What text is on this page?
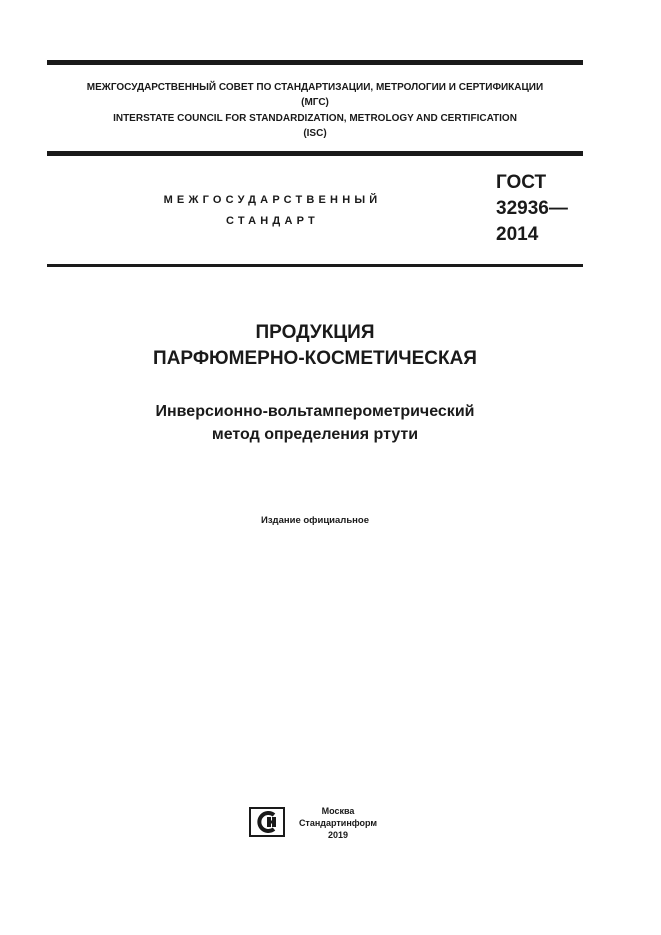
МЕЖГОСУДАРСТВЕННЫЙ СОВЕТ ПО СТАНДАРТИЗАЦИИ, МЕТРОЛОГИИ И СЕРТИФИКАЦИИ
(МГС)
INTERSTATE COUNCIL FOR STANDARDIZATION, METROLOGY AND CERTIFICATION
(ISC)
МЕЖГОСУДАРСТВЕННЫЙ
СТАНДАРТ
ГОСТ
32936—
2014
ПРОДУКЦИЯ
ПАРФЮМЕРНО-КОСМЕТИЧЕСКАЯ
Инверсионно-вольтамперометрический
метод определения ртути
Издание официальное
Москва
Стандартинформ
2019
